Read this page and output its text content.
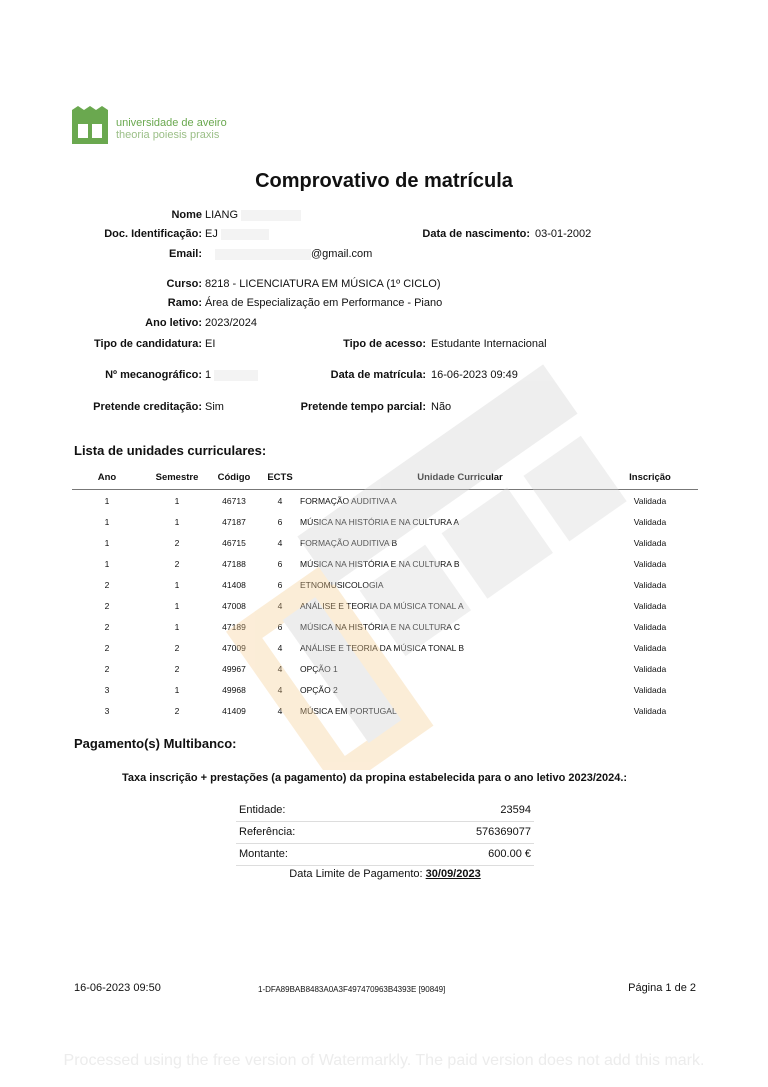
universidade de aveiro
theoria poiesis praxis
Comprovativo de matrícula
Nome LIANG
Doc. Identificação: EJ	Data de nascimento: 03-01-2002
Email:	@gmail.com
Curso: 8218 - LICENCIATURA EM MÚSICA (1º CICLO)
Ramo: Área de Especialização em Performance - Piano
Ano letivo: 2023/2024
Tipo de candidatura: EI	Tipo de acesso: Estudante Internacional
Nº mecanográfico: 1	Data de matrícula: 16-06-2023 09:49
Pretende creditação: Sim	Pretende tempo parcial: Não
Lista de unidades curriculares:
Ano	Semestre	Código	ECTS	Unidade Curricular	Inscrição
1	1	46713	4	FORMAÇÃO AUDITIVA A	Validada
1	1	47187	6	MÚSICA NA HISTÓRIA E NA CULTURA A	Validada
1	2	46715	4	FORMAÇÃO AUDITIVA B	Validada
1	2	47188	6	MÚSICA NA HISTÓRIA E NA CULTURA B	Validada
2	1	41408	6	ETNOMUSICOLOGIA	Validada
2	1	47008	4	ANÁLISE E TEORIA DA MÚSICA TONAL A	Validada
2	1	47189	6	MÚSICA NA HISTÓRIA E NA CULTURA C	Validada
2	2	47009	4	ANÁLISE E TEORIA DA MÚSICA TONAL B	Validada
2	2	49967	4	OPÇÃO 1	Validada
3	1	49968	4	OPÇÃO 2	Validada
3	2	41409	4	MÚSICA EM PORTUGAL	Validada
Pagamento(s) Multibanco:
Taxa inscrição + prestações (a pagamento) da propina estabelecida para o ano letivo 2023/2024.:
Entidade:	23594
Referência:	576369077
Montante:	600.00 €
Data Limite de Pagamento: 30/09/2023
16-06-2023 09:50	1-DFA89BAB8483A0A3F497470963B4393E [90849]	Página 1 de 2
Processed using the free version of Watermarkly. The paid version does not add this mark.
